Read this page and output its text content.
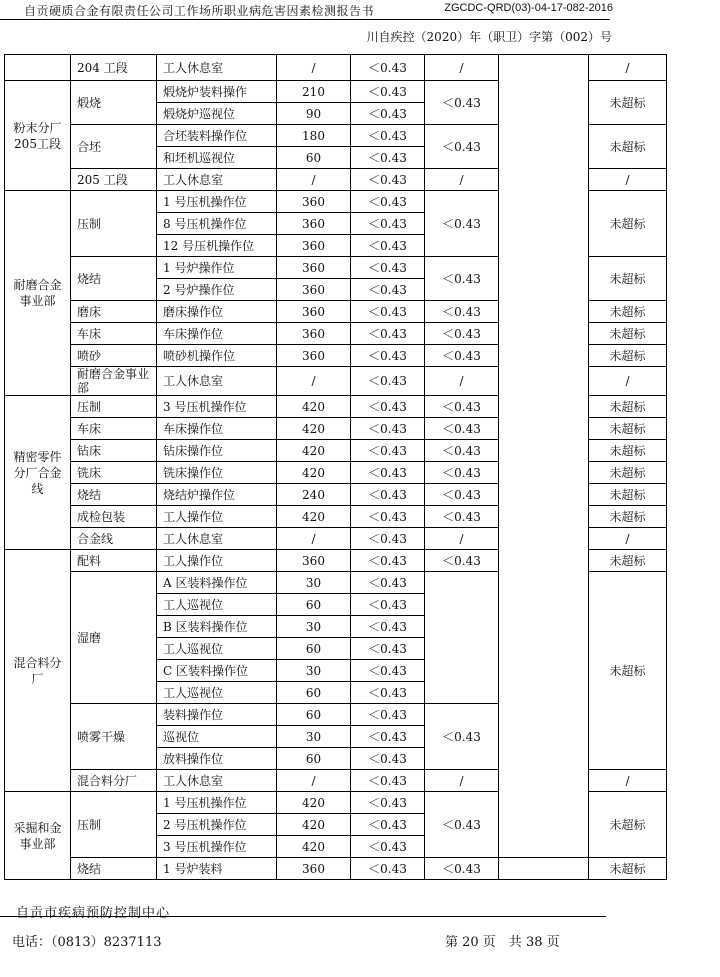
自贡硬质合金有限责任公司工作场所职业病危害因素检测报告书	ZGCDC-QRD(03)-04-17-082-2016
川自疾控（2020）年（职卫）字第（002）号
	204 工段	工人休息室	/	＜0.43	/		/
粉末分厂205工段	煅烧	煅烧炉装料操作	210	＜0.43	＜0.43		未超标
		煅烧炉巡视位	90	＜0.43			
	合坯	合坯装料操作位	180	＜0.43	＜0.43		未超标
		和坯机巡视位	60	＜0.43			
	205 工段	工人休息室	/	＜0.43	/		/
耐磨合金事业部	压制	1 号压机操作位	360	＜0.43	＜0.43		未超标
		8 号压机操作位	360	＜0.43			
		12 号压机操作位	360	＜0.43			
	烧结	1 号炉操作位	360	＜0.43	＜0.43		未超标
		2 号炉操作位	360	＜0.43			
	磨床	磨床操作位	360	＜0.43	＜0.43		未超标
	车床	车床操作位	360	＜0.43	＜0.43		未超标
	喷砂	喷砂机操作位	360	＜0.43	＜0.43		未超标
	耐磨合金事业部	工人休息室	/	＜0.43	/		/
精密零件分厂合金线	压制	3 号压机操作位	420	＜0.43	＜0.43		未超标
	车床	车床操作位	420	＜0.43	＜0.43		未超标
	钻床	钻床操作位	420	＜0.43	＜0.43		未超标
	铣床	铣床操作位	420	＜0.43	＜0.43		未超标
	烧结	烧结炉操作位	240	＜0.43	＜0.43		未超标
	成检包装	工人操作位	420	＜0.43	＜0.43		未超标
	合金线	工人休息室	/	＜0.43	/		/
混合料分厂	配料	工人操作位	360	＜0.43	＜0.43		未超标
	湿磨	A 区装料操作位	30	＜0.43			未超标
		工人巡视位	60	＜0.43			
		B 区装料操作位	30	＜0.43			
		工人巡视位	60	＜0.43			
		C 区装料操作位	30	＜0.43			
		工人巡视位	60	＜0.43			
	喷雾干燥	装料操作位	60	＜0.43	＜0.43		
		巡视位	30	＜0.43			
		放料操作位	60	＜0.43			
	混合料分厂	工人休息室	/	＜0.43	/		/
采掘和金事业部	压制	1 号压机操作位	420	＜0.43	＜0.43		未超标
		2 号压机操作位	420	＜0.43			
		3 号压机操作位	420	＜0.43			
	烧结	1 号炉装料	360	＜0.43	＜0.43		未超标
自贡市疾病预防控制中心
电话：（0813）8237113	第 20 页　共 38 页
